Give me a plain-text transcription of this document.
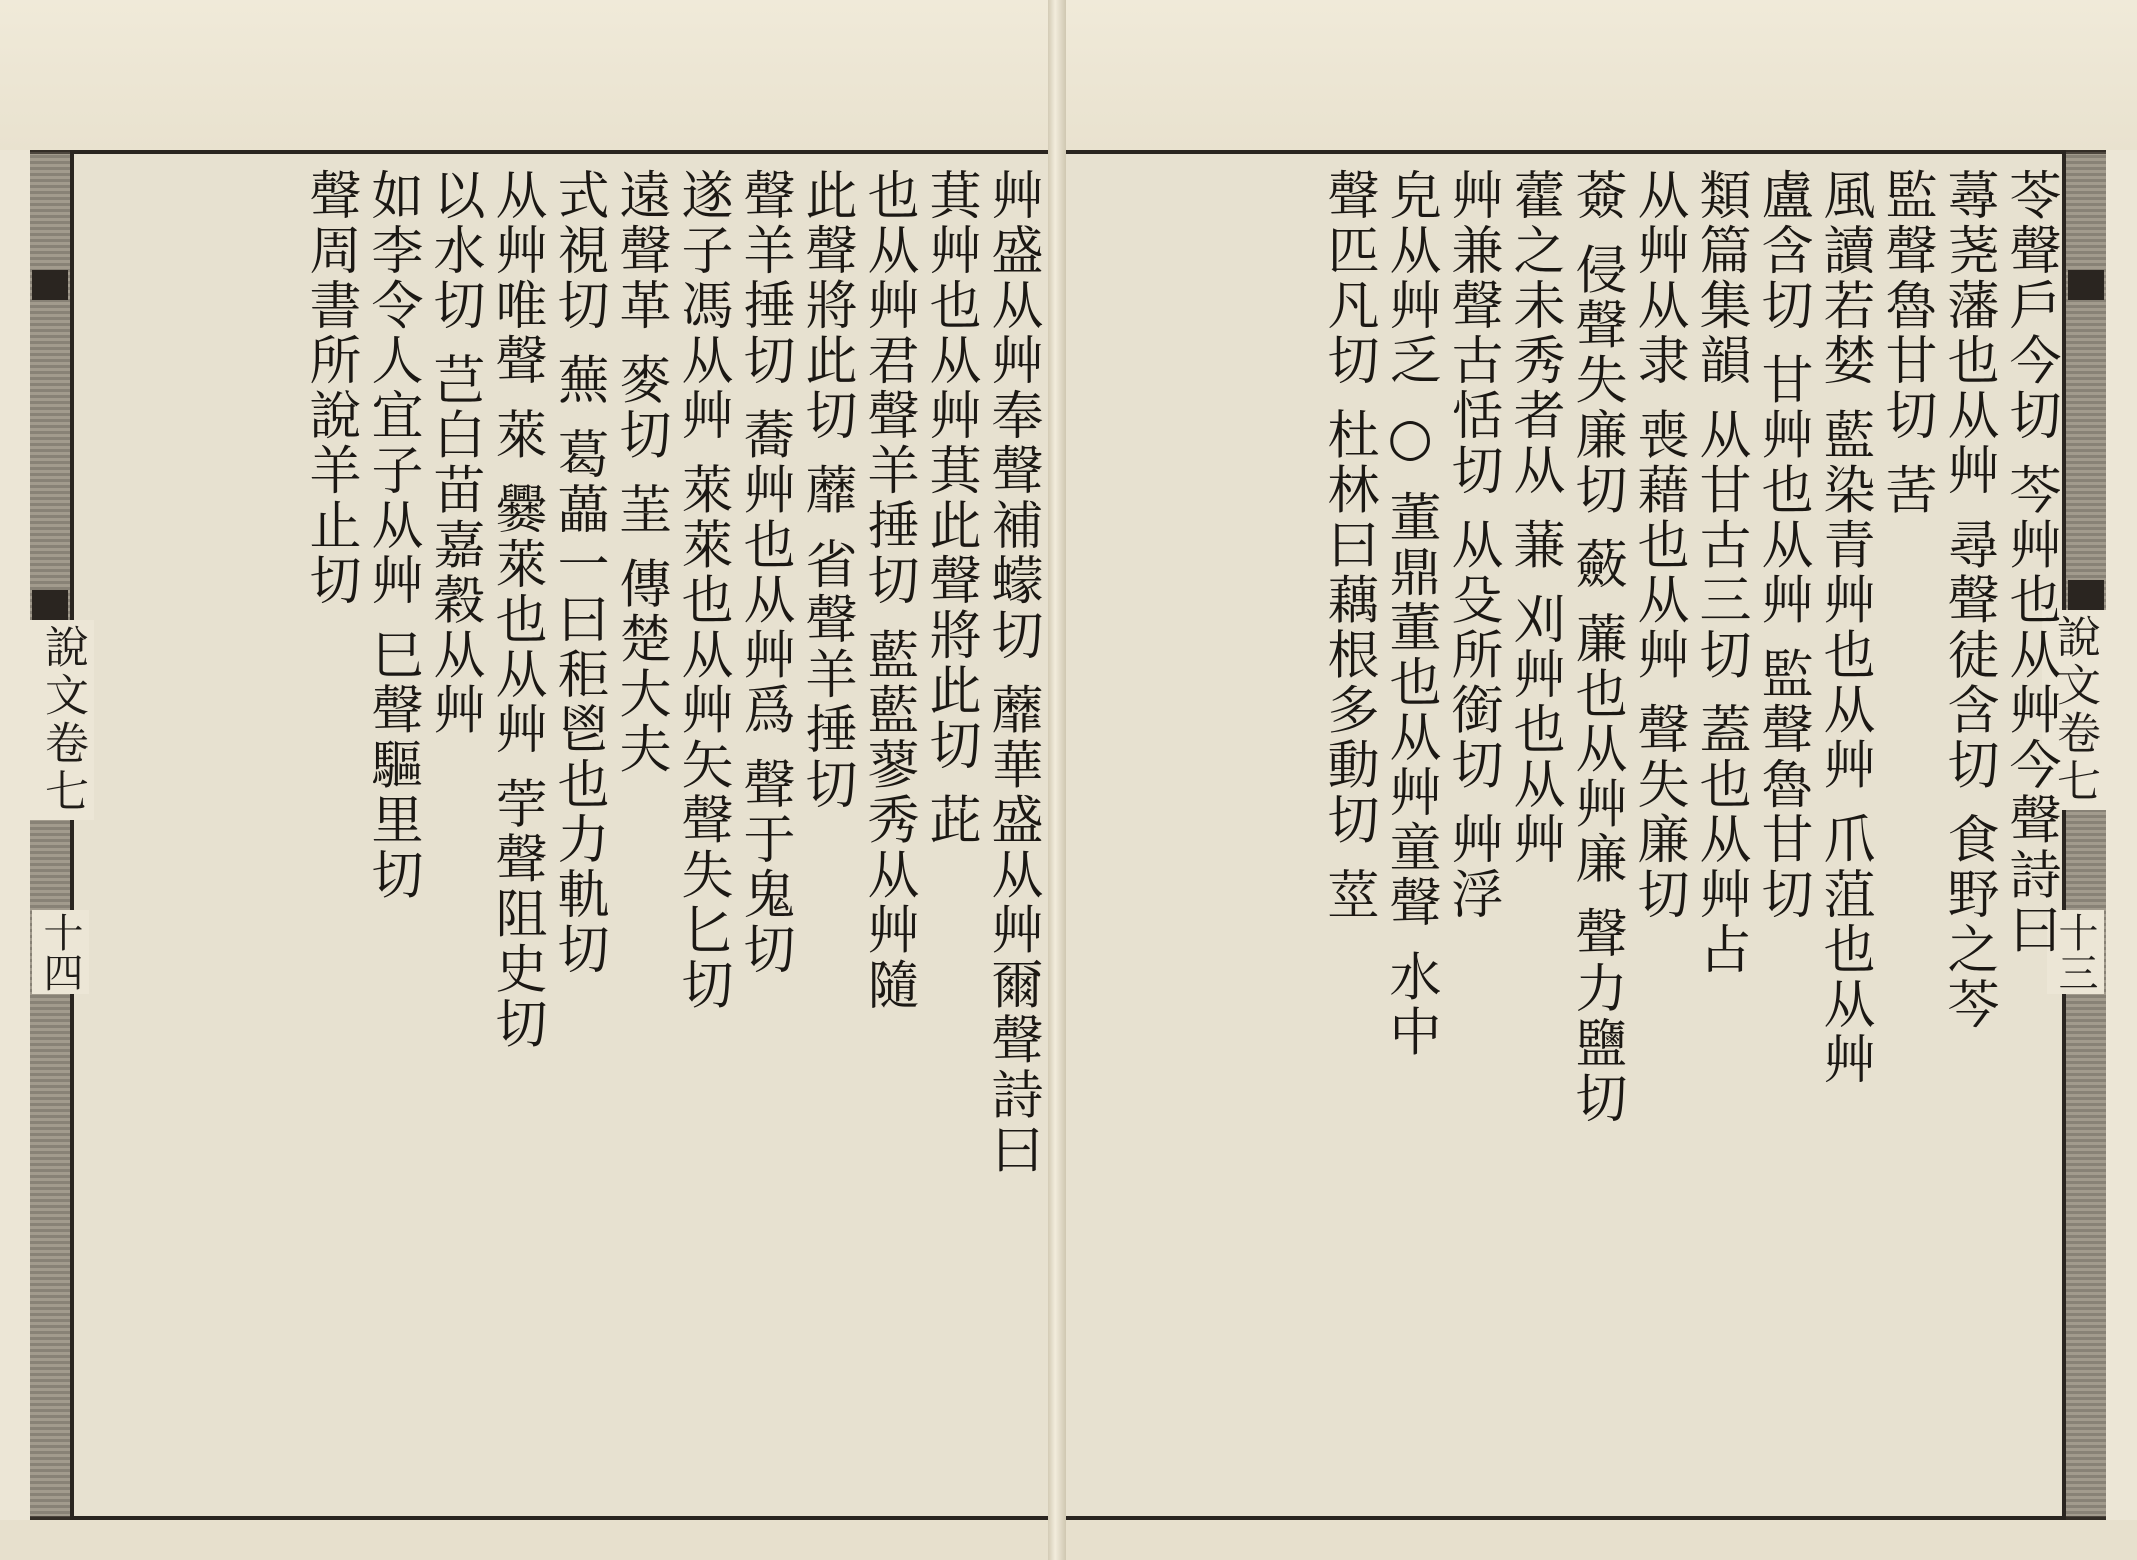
說文卷七
十四	艸盛从艸奉聲補蠓切 蘼華盛从艸爾聲詩曰
萁艸也从艸萁此聲將此切 茈
也从艸君聲羊捶切 藍藍蓼秀从艸隨
此聲將此切 蘼 省聲羊捶切
聲羊捶切 蕎艸也从艸爲 聲于鬼切
遂子馮从艸 萊萊也从艸矢聲失匕切
遠聲革 麥切 茥 傳楚大夫
式視切 蕪 葛藟一曰秬鬯也力軌切
从艸唯聲 萊 爨萊也从艸 荢聲阻史切
以水切 芑白苗嘉穀从艸
如李令人宜子从艸 巳聲驅里切
聲周書所說羊止切
說文卷七
十三
苓聲戶今切 芩艸也从艸今聲詩曰
蕁荛藩也从艸 尋聲徒含切 食野之芩
監聲魯甘切 䒷
風讀若婪 藍染青艸也从艸 爪菹也从艸
盧含切 甘艸也从艸 監聲魯甘切
類篇集韻 从甘古三切 蓋也从艸占
从艸从隶 喪藉也从艸 聲失廉切
薟 侵聲失廉切 蘞 薕也从艸廉 聲力鹽切
藿之未秀者从 蒹 刈艸也从艸
艸兼聲古恬切 从殳所銜切 艸浮
皃从艸乏 ○ 董鼎董也从艸童聲 水中
聲匹凡切 杜林曰藕根多動切 莖
